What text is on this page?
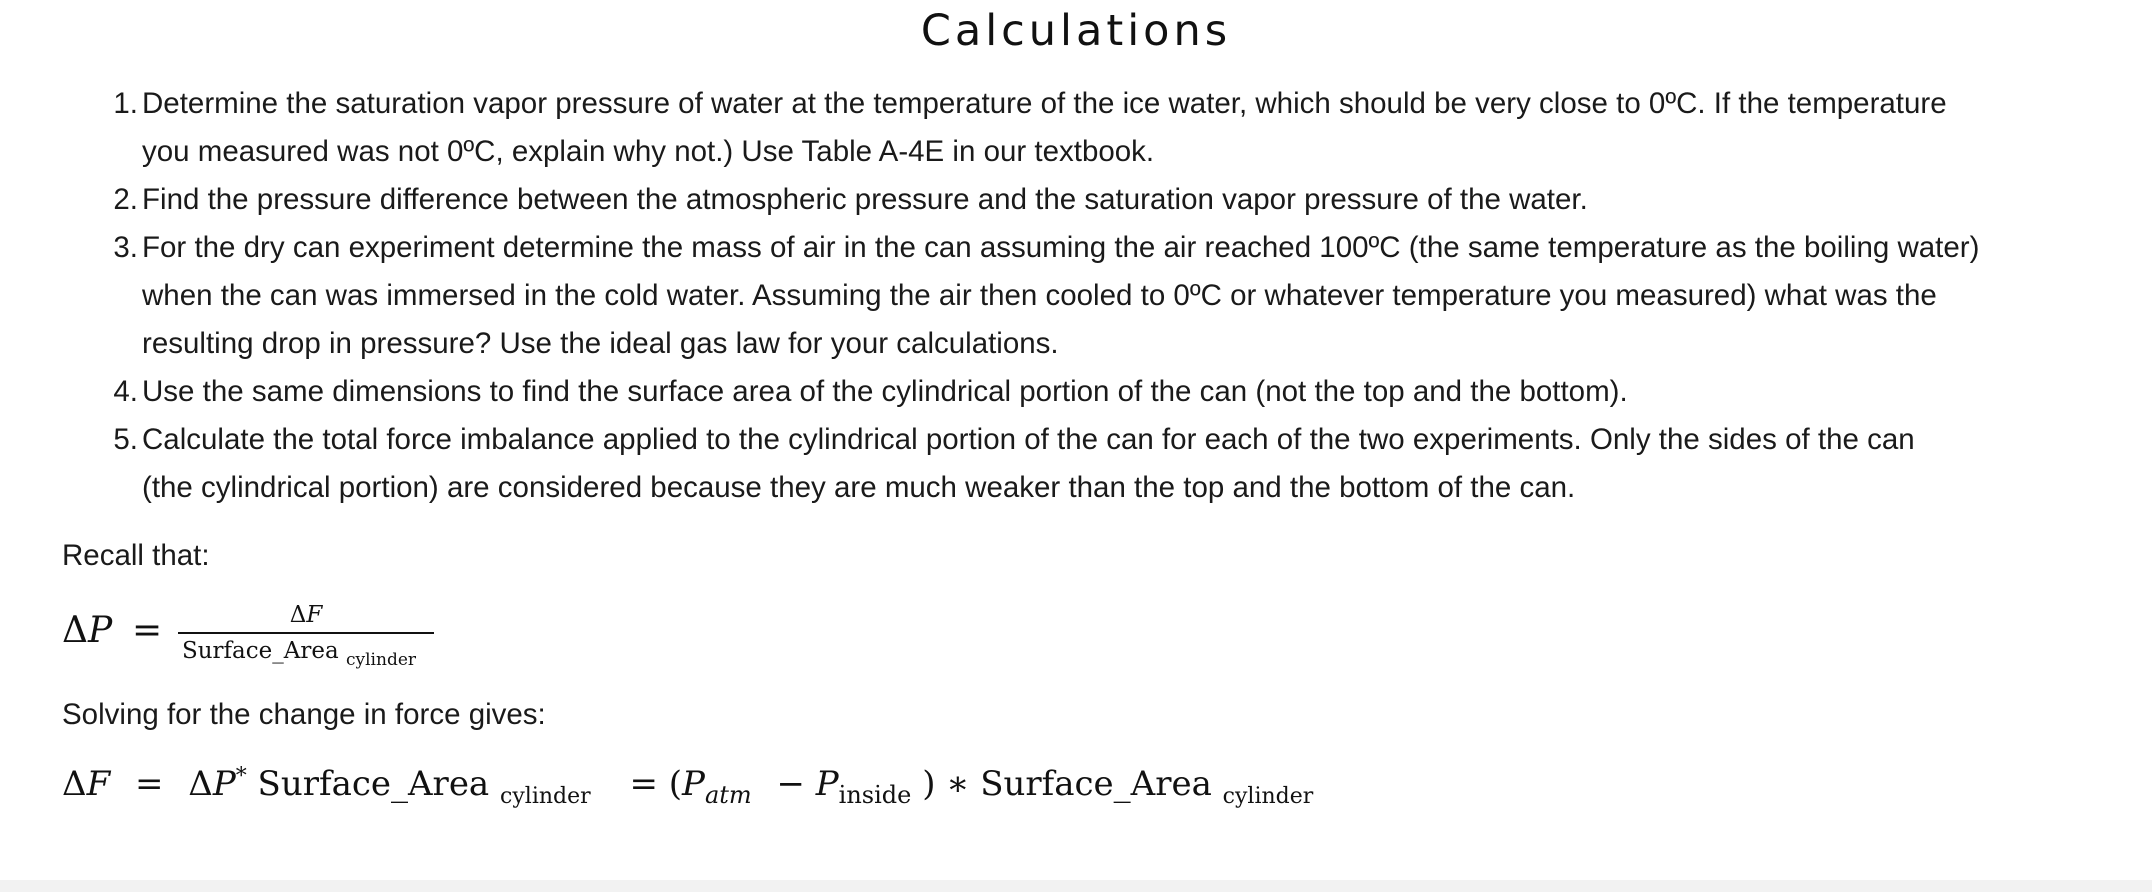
Calculations
1. Determine the saturation vapor pressure of water at the temperature of the ice water, which should be very close to 0ºC. If the temperature
you measured was not 0ºC, explain why not.) Use Table A-4E in our textbook.
2. Find the pressure difference between the atmospheric pressure and the saturation vapor pressure of the water.
3. For the dry can experiment determine the mass of air in the can assuming the air reached 100ºC (the same temperature as the boiling water)
when the can was immersed in the cold water. Assuming the air then cooled to 0ºC or whatever temperature you measured) what was the
resulting drop in pressure? Use the ideal gas law for your calculations.
4. Use the same dimensions to find the surface area of the cylindrical portion of the can (not the top and the bottom).
5. Calculate the total force imbalance applied to the cylindrical portion of the can for each of the two experiments. Only the sides of the can
(the cylindrical portion) are considered because they are much weaker than the top and the bottom of the can.

Recall that:

ΔP =	ΔF
Surface_Area $_{cylinder}$

Solving for the change in force gives:

ΔF = ΔP* Surface_Area $_{cylinder} = (P_{atm} - P_{inside}$ ) ∗ Surface_Area $_{cylinder}$
